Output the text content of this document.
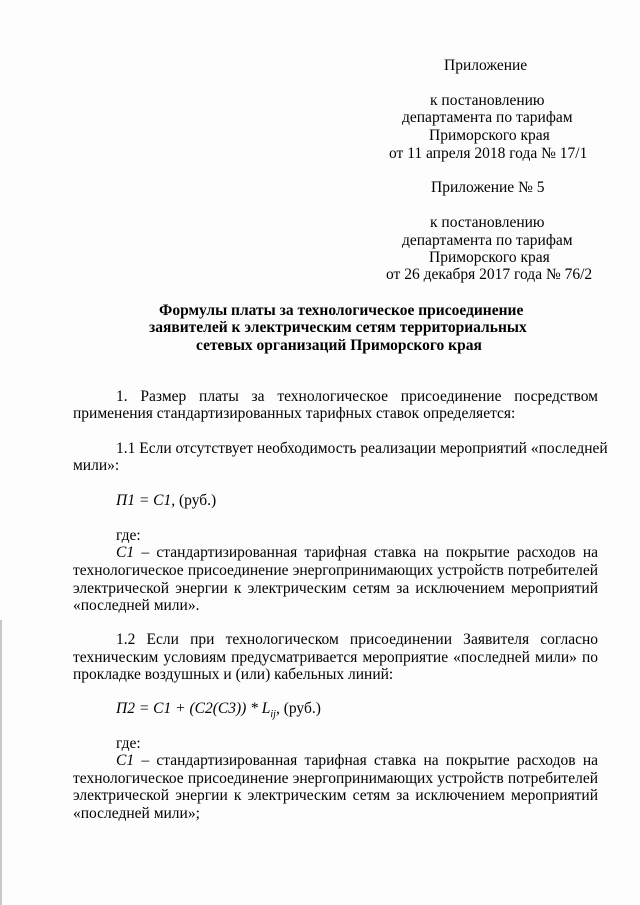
Приложение
к постановлению
департамента по тарифам
Приморского края
от 11 апреля 2018 года № 17/1
Приложение № 5
к постановлению
департамента по тарифам
Приморского края
от 26 декабря 2017 года № 76/2
Формулы платы за технологическое присоединение
заявителей к электрическим сетям территориальных
сетевых организаций Приморского края
1. Размер платы за технологическое присоединение посредством
применения стандартизированных тарифных ставок определяется:
1.1 Если отсутствует необходимость реализации мероприятий «последней
мили»:
П1 = С1, (руб.)
где:
С1 – стандартизированная тарифная ставка на покрытие расходов на
технологическое присоединение энергопринимающих устройств потребителей
электрической энергии к электрическим сетям за исключением мероприятий
«последней мили».
1.2 Если при технологическом присоединении Заявителя согласно
техническим условиям предусматривается мероприятие «последней мили» по
прокладке воздушных и (или) кабельных линий:
$П2 = С1 + (С2(С3)) * L_{ij}$, (руб.)
где:
С1 – стандартизированная тарифная ставка на покрытие расходов на
технологическое присоединение энергопринимающих устройств потребителей
электрической энергии к электрическим сетям за исключением мероприятий
«последней мили»;
